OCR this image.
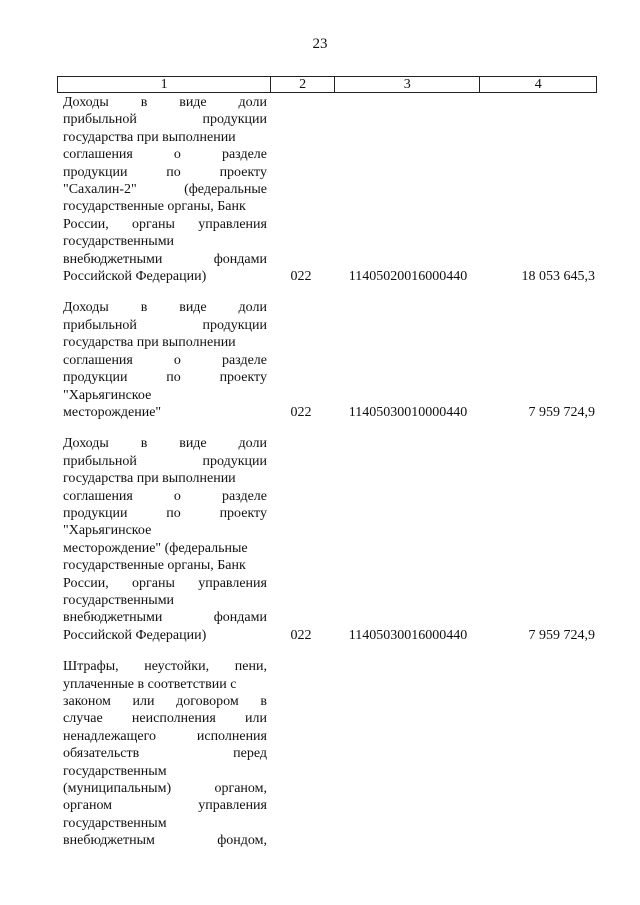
23
1	2	3	4
Доходы в виде доли
прибыльной	продукции
государства при выполнении
соглашения	о	разделе
продукции	по	проекту
"Сахалин-2"	(федеральные
государственные органы, Банк
России, органы управления
государственными
внебюджетными	фондами
Российской Федерации)	022	11405020016000440	18 053 645,3
Доходы в виде доли
прибыльной	продукции
государства при выполнении
соглашения	о	разделе
продукции	по	проекту
"Харьягинское
месторождение"	022	11405030010000440	7 959 724,9
Доходы в виде доли
прибыльной	продукции
государства при выполнении
соглашения	о	разделе
продукции	по	проекту
"Харьягинское
месторождение" (федеральные
государственные органы, Банк
России, органы управления
государственными
внебюджетными	фондами
Российской Федерации)	022	11405030016000440	7 959 724,9
Штрафы, неустойки, пени,
уплаченные в соответствии с
законом или договором в
случае неисполнения или
ненадлежащего	исполнения
обязательств	перед
государственным
(муниципальным)	органом,
органом	управления
государственным
внебюджетным	фондом,
